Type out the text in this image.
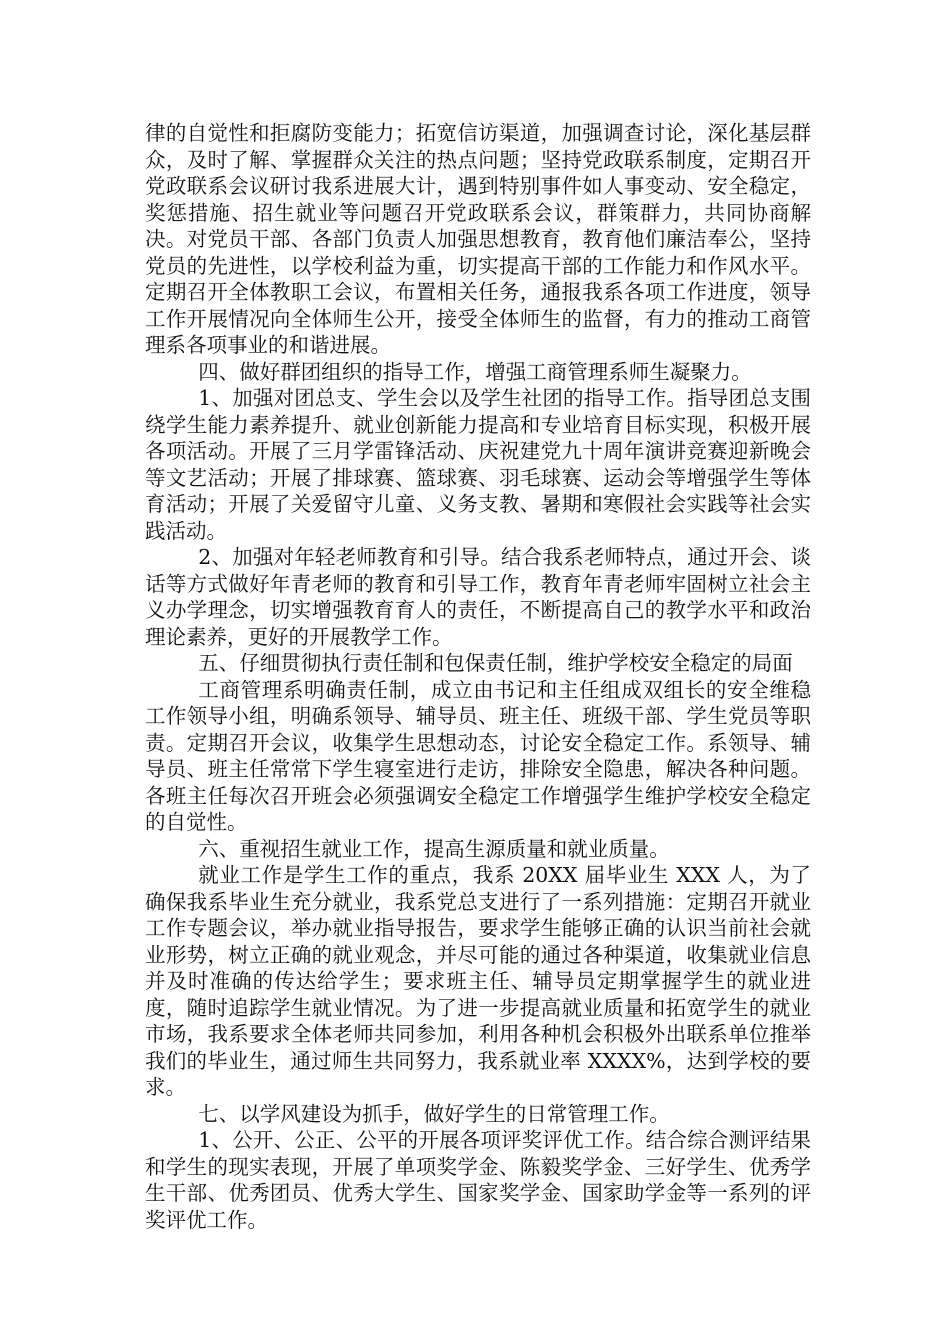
律的自觉性和拒腐防变能力；拓宽信访渠道，加强调查讨论，深化基层群众，及时了解、掌握群众关注的热点问题；坚持党政联系制度，定期召开党政联系会议研讨我系进展大计，遇到特别事件如人事变动、安全稳定，奖惩措施、招生就业等问题召开党政联系会议，群策群力，共同协商解决。对党员干部、各部门负责人加强思想教育，教育他们廉洁奉公，坚持党员的先进性，以学校利益为重，切实提高干部的工作能力和作风水平。定期召开全体教职工会议，布置相关任务，通报我系各项工作进度，领导工作开展情况向全体师生公开，接受全体师生的监督，有力的推动工商管理系各项事业的和谐进展。

四、做好群团组织的指导工作，增强工商管理系师生凝聚力。

1、加强对团总支、学生会以及学生社团的指导工作。指导团总支围绕学生能力素养提升、就业创新能力提高和专业培育目标实现，积极开展各项活动。开展了三月学雷锋活动、庆祝建党九十周年演讲竞赛迎新晚会等文艺活动；开展了排球赛、篮球赛、羽毛球赛、运动会等增强学生等体育活动；开展了关爱留守儿童、义务支教、暑期和寒假社会实践等社会实践活动。

2、加强对年轻老师教育和引导。结合我系老师特点，通过开会、谈话等方式做好年青老师的教育和引导工作，教育年青老师牢固树立社会主义办学理念，切实增强教育育人的责任，不断提高自己的教学水平和政治理论素养，更好的开展教学工作。

五、仔细贯彻执行责任制和包保责任制，维护学校安全稳定的局面

工商管理系明确责任制，成立由书记和主任组成双组长的安全维稳工作领导小组，明确系领导、辅导员、班主任、班级干部、学生党员等职责。定期召开会议，收集学生思想动态，讨论安全稳定工作。系领导、辅导员、班主任常常下学生寝室进行走访，排除安全隐患，解决各种问题。各班主任每次召开班会必须强调安全稳定工作增强学生维护学校安全稳定的自觉性。

六、重视招生就业工作，提高生源质量和就业质量。

就业工作是学生工作的重点，我系 20XX 届毕业生 XXX 人，为了确保我系毕业生充分就业，我系党总支进行了一系列措施：定期召开就业工作专题会议，举办就业指导报告，要求学生能够正确的认识当前社会就业形势，树立正确的就业观念，并尽可能的通过各种渠道，收集就业信息并及时准确的传达给学生；要求班主任、辅导员定期掌握学生的就业进度，随时追踪学生就业情况。为了进一步提高就业质量和拓宽学生的就业市场，我系要求全体老师共同参加，利用各种机会积极外出联系单位推举我们的毕业生，通过师生共同努力，我系就业率 XXXX%，达到学校的要求。

七、以学风建设为抓手，做好学生的日常管理工作。

1、公开、公正、公平的开展各项评奖评优工作。结合综合测评结果和学生的现实表现，开展了单项奖学金、陈毅奖学金、三好学生、优秀学生干部、优秀团员、优秀大学生、国家奖学金、国家助学金等一系列的评奖评优工作。
